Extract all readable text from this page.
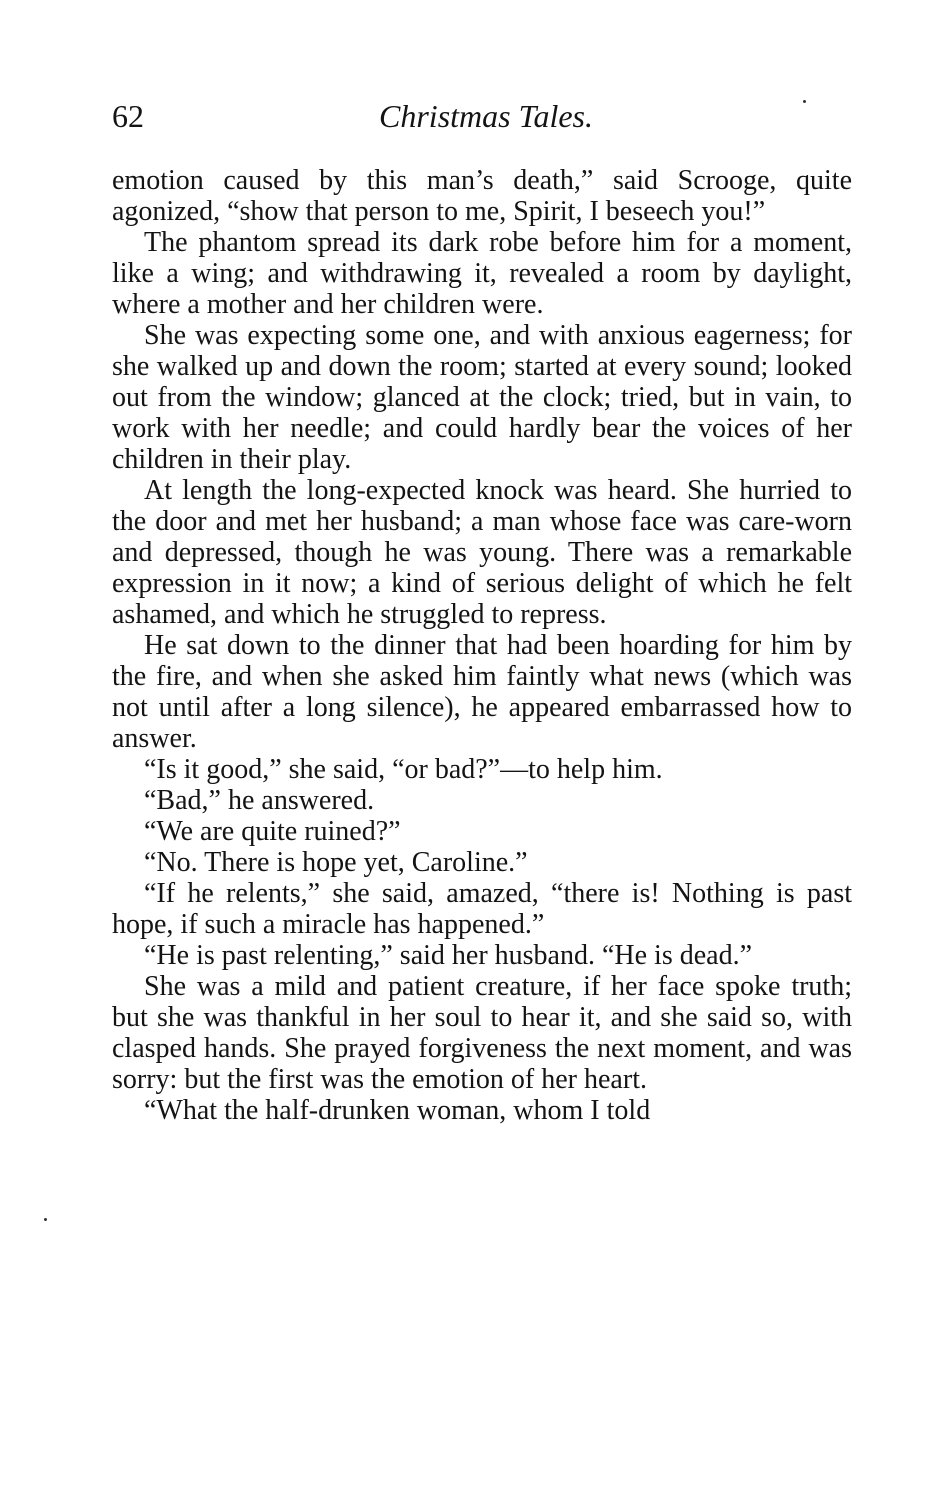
62	Christmas Tales.

emotion caused by this man’s death,” said Scrooge, quite agonized, “show that person to me, Spirit, I beseech you!”

The phantom spread its dark robe before him for a moment, like a wing; and withdrawing it, revealed a room by daylight, where a mother and her children were.

She was expecting some one, and with anxious eagerness; for she walked up and down the room; started at every sound; looked out from the window; glanced at the clock; tried, but in vain, to work with her needle; and could hardly bear the voices of her children in their play.

At length the long-expected knock was heard. She hurried to the door and met her husband; a man whose face was care-worn and depressed, though he was young. There was a remarkable expression in it now; a kind of serious delight of which he felt ashamed, and which he struggled to repress.

He sat down to the dinner that had been hoarding for him by the fire, and when she asked him faintly what news (which was not until after a long silence), he appeared embarrassed how to answer.

“Is it good,” she said, “or bad?”—to help him.

“Bad,” he answered.

“We are quite ruined?”

“No. There is hope yet, Caroline.”

“If he relents,” she said, amazed, “there is! Nothing is past hope, if such a miracle has happened.”

“He is past relenting,” said her husband. “He is dead.”

She was a mild and patient creature, if her face spoke truth; but she was thankful in her soul to hear it, and she said so, with clasped hands. She prayed forgiveness the next moment, and was sorry: but the first was the emotion of her heart.

“What the half-drunken woman, whom I told
